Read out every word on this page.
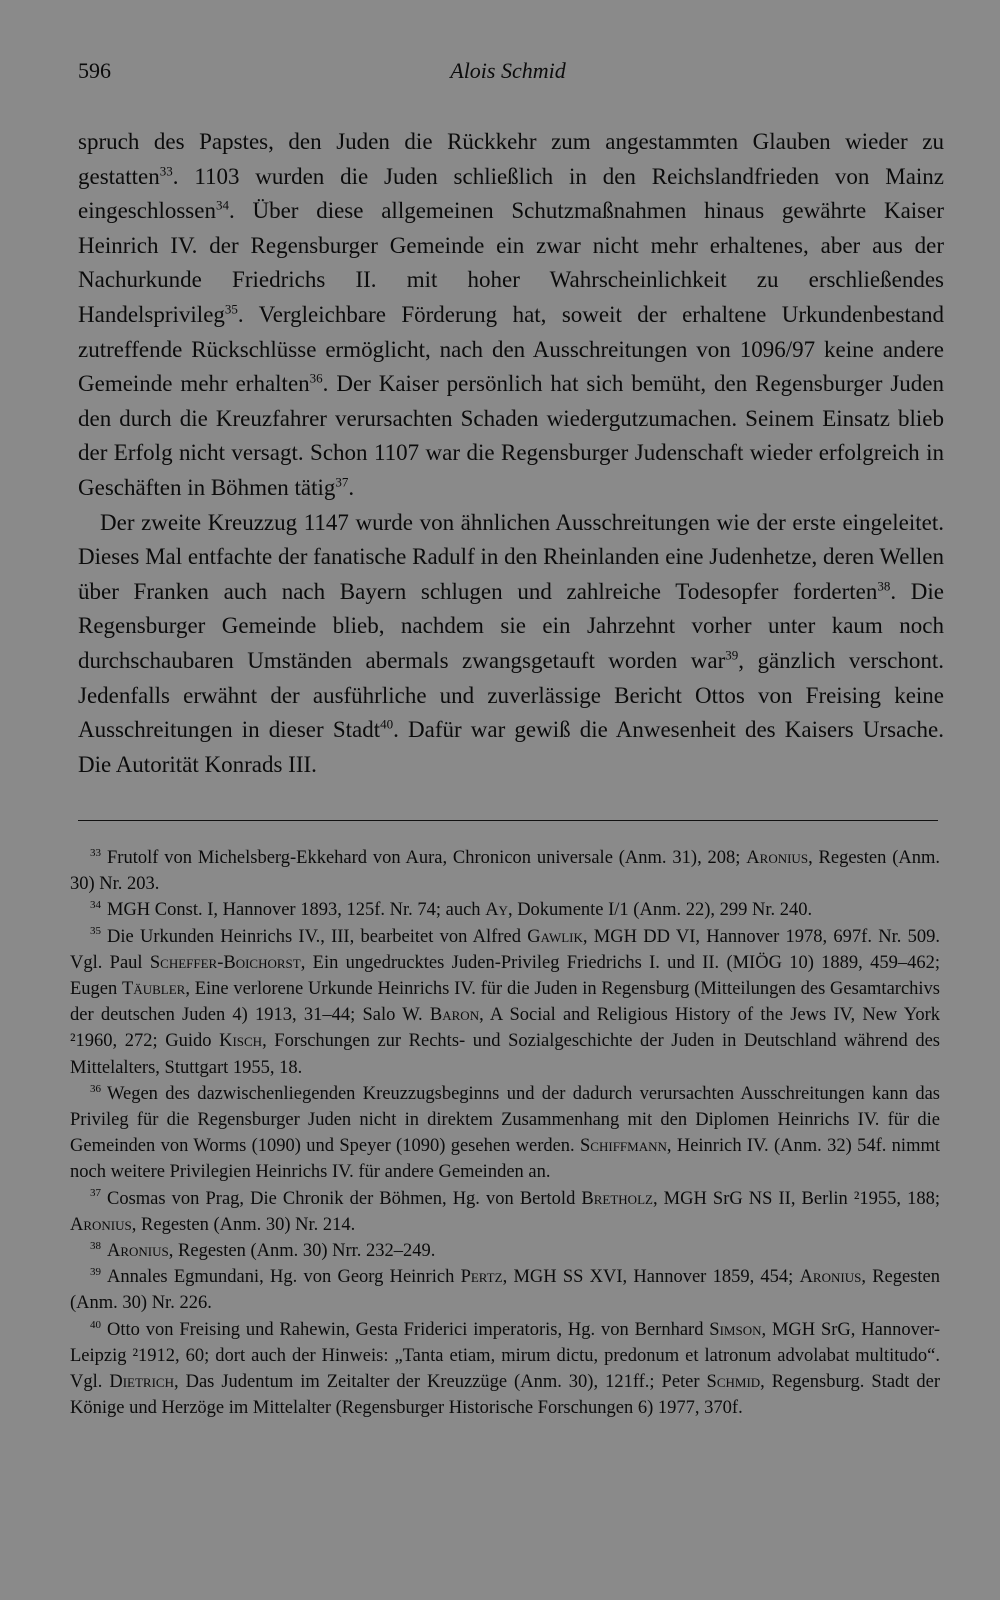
596	Alois Schmid

spruch des Papstes, den Juden die Rückkehr zum angestammten Glauben wieder zu gestatten$^{33}$. 1103 wurden die Juden schließlich in den Reichslandfrieden von Mainz eingeschlossen$^{34}$. Über diese allgemeinen Schutzmaßnahmen hinaus gewährte Kaiser Heinrich IV. der Regensburger Gemeinde ein zwar nicht mehr erhaltenes, aber aus der Nachurkunde Friedrichs II. mit hoher Wahrscheinlichkeit zu erschließendes Handelsprivileg$^{35}$. Vergleichbare Förderung hat, soweit der erhaltene Urkundenbestand zutreffende Rückschlüsse ermöglicht, nach den Ausschreitungen von 1096/97 keine andere Gemeinde mehr erhalten$^{36}$. Der Kaiser persönlich hat sich bemüht, den Regensburger Juden den durch die Kreuzfahrer verursachten Schaden wiedergutzumachen. Seinem Einsatz blieb der Erfolg nicht versagt. Schon 1107 war die Regensburger Judenschaft wieder erfolgreich in Geschäften in Böhmen tätig$^{37}$.

Der zweite Kreuzzug 1147 wurde von ähnlichen Ausschreitungen wie der erste eingeleitet. Dieses Mal entfachte der fanatische Radulf in den Rheinlanden eine Judenhetze, deren Wellen über Franken auch nach Bayern schlugen und zahlreiche Todesopfer forderten$^{38}$. Die Regensburger Gemeinde blieb, nachdem sie ein Jahrzehnt vorher unter kaum noch durchschaubaren Umständen abermals zwangsgetauft worden war$^{39}$, gänzlich verschont. Jedenfalls erwähnt der ausführliche und zuverlässige Bericht Ottos von Freising keine Ausschreitungen in dieser Stadt$^{40}$. Dafür war gewiß die Anwesenheit des Kaisers Ursache. Die Autorität Konrads III.

$^{33}$ Frutolf von Michelsberg-Ekkehard von Aura, Chronicon universale (Anm. 31), 208; Aronius, Regesten (Anm. 30) Nr. 203.

$^{34}$ MGH Const. I, Hannover 1893, 125f. Nr. 74; auch Ay, Dokumente I/1 (Anm. 22), 299 Nr. 240.

$^{35}$ Die Urkunden Heinrichs IV., III, bearbeitet von Alfred Gawlik, MGH DD VI, Hannover 1978, 697f. Nr. 509. Vgl. Paul Scheffer-Boichorst, Ein ungedrucktes Juden-Privileg Friedrichs I. und II. (MIÖG 10) 1889, 459–462; Eugen Täubler, Eine verlorene Urkunde Heinrichs IV. für die Juden in Regensburg (Mitteilungen des Gesamtarchivs der deutschen Juden 4) 1913, 31–44; Salo W. Baron, A Social and Religious History of the Jews IV, New York ²1960, 272; Guido Kisch, Forschungen zur Rechts- und Sozialgeschichte der Juden in Deutschland während des Mittelalters, Stuttgart 1955, 18.

$^{36}$ Wegen des dazwischenliegenden Kreuzzugsbeginns und der dadurch verursachten Ausschreitungen kann das Privileg für die Regensburger Juden nicht in direktem Zusammenhang mit den Diplomen Heinrichs IV. für die Gemeinden von Worms (1090) und Speyer (1090) gesehen werden. Schiffmann, Heinrich IV. (Anm. 32) 54f. nimmt noch weitere Privilegien Heinrichs IV. für andere Gemeinden an.

$^{37}$ Cosmas von Prag, Die Chronik der Böhmen, Hg. von Bertold Bretholz, MGH SrG NS II, Berlin ²1955, 188; Aronius, Regesten (Anm. 30) Nr. 214.

$^{38}$ Aronius, Regesten (Anm. 30) Nrr. 232–249.

$^{39}$ Annales Egmundani, Hg. von Georg Heinrich Pertz, MGH SS XVI, Hannover 1859, 454; Aronius, Regesten (Anm. 30) Nr. 226.

$^{40}$ Otto von Freising und Rahewin, Gesta Friderici imperatoris, Hg. von Bernhard Simson, MGH SrG, Hannover-Leipzig ²1912, 60; dort auch der Hinweis: „Tanta etiam, mirum dictu, predonum et latronum advolabat multitudo“. Vgl. Dietrich, Das Judentum im Zeitalter der Kreuzzüge (Anm. 30), 121ff.; Peter Schmid, Regensburg. Stadt der Könige und Herzöge im Mittelalter (Regensburger Historische Forschungen 6) 1977, 370f.
